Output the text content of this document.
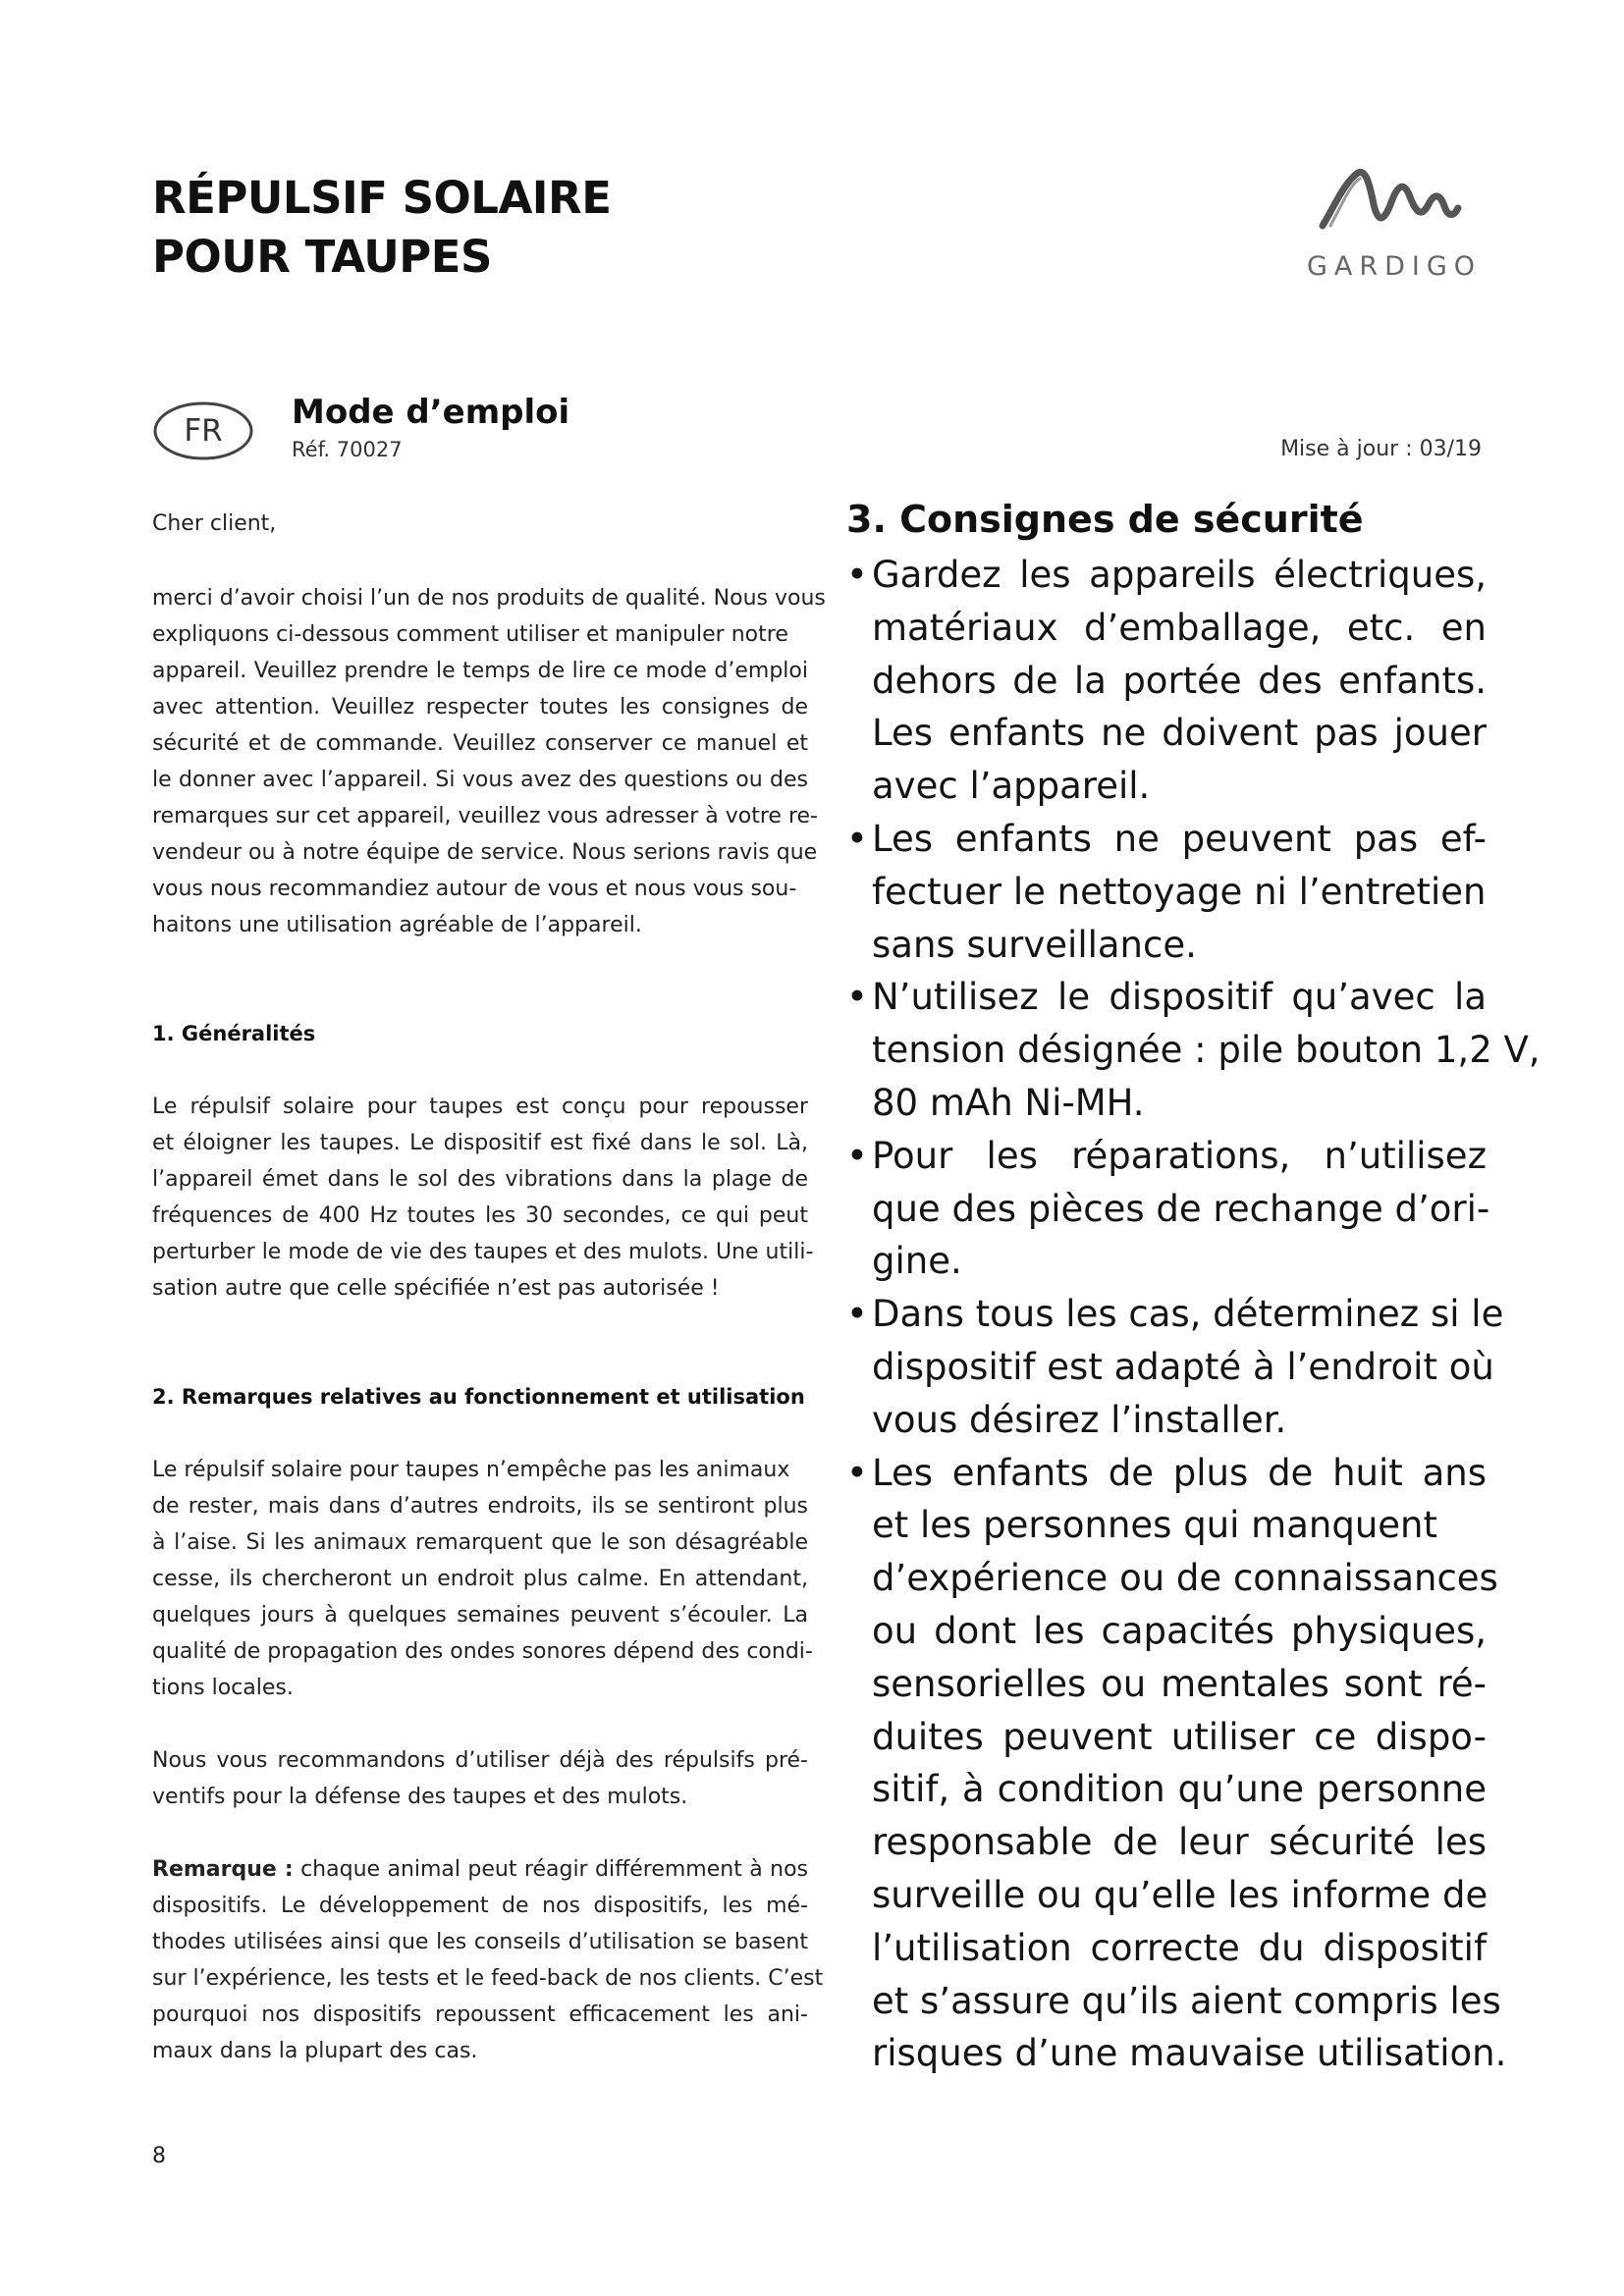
RÉPULSIF SOLAIRE
POUR TAUPES	GARDIGO
FR	Mode d’emploi
Réf. 70027	Mise à jour : 03/19
Cher client,
merci d’avoir choisi l’un de nos produits de qualité. Nous vous
expliquons ci-dessous comment utiliser et manipuler notre
appareil. Veuillez prendre le temps de lire ce mode d’emploi
avec attention. Veuillez respecter toutes les consignes de
sécurité et de commande. Veuillez conserver ce manuel et
le donner avec l’appareil. Si vous avez des questions ou des
remarques sur cet appareil, veuillez vous adresser à votre re-
vendeur ou à notre équipe de service. Nous serions ravis que
vous nous recommandiez autour de vous et nous vous sou-
haitons une utilisation agréable de l’appareil.
1. Généralités
Le répulsif solaire pour taupes est conçu pour repousser
et éloigner les taupes. Le dispositif est fixé dans le sol. Là,
l’appareil émet dans le sol des vibrations dans la plage de
fréquences de 400 Hz toutes les 30 secondes, ce qui peut
perturber le mode de vie des taupes et des mulots. Une utili-
sation autre que celle spécifiée n’est pas autorisée !
2. Remarques relatives au fonctionnement et utilisation
Le répulsif solaire pour taupes n’empêche pas les animaux
de rester, mais dans d’autres endroits, ils se sentiront plus
à l’aise. Si les animaux remarquent que le son désagréable
cesse, ils chercheront un endroit plus calme. En attendant,
quelques jours à quelques semaines peuvent s’écouler. La
qualité de propagation des ondes sonores dépend des condi-
tions locales.
Nous vous recommandons d’utiliser déjà des répulsifs pré-
ventifs pour la défense des taupes et des mulots.
Remarque : chaque animal peut réagir différemment à nos
dispositifs. Le développement de nos dispositifs, les mé-
thodes utilisées ainsi que les conseils d’utilisation se basent
sur l’expérience, les tests et le feed-back de nos clients. C’est
pourquoi nos dispositifs repoussent efficacement les ani-
maux dans la plupart des cas.
3. Consignes de sécurité
• Gardez les appareils électriques,
matériaux d’emballage, etc. en
dehors de la portée des enfants.
Les enfants ne doivent pas jouer
avec l’appareil.
• Les enfants ne peuvent pas ef-
fectuer le nettoyage ni l’entretien
sans surveillance.
• N’utilisez le dispositif qu’avec la
tension désignée : pile bouton 1,2 V,
80 mAh Ni-MH.
• Pour les réparations, n’utilisez
que des pièces de rechange d’ori-
gine.
• Dans tous les cas, déterminez si le
dispositif est adapté à l’endroit où
vous désirez l’installer.
• Les enfants de plus de huit ans
et les personnes qui manquent
d’expérience ou de connaissances
ou dont les capacités physiques,
sensorielles ou mentales sont ré-
duites peuvent utiliser ce dispo-
sitif, à condition qu’une personne
responsable de leur sécurité les
surveille ou qu’elle les informe de
l’utilisation correcte du dispositif
et s’assure qu’ils aient compris les
risques d’une mauvaise utilisation.
8
